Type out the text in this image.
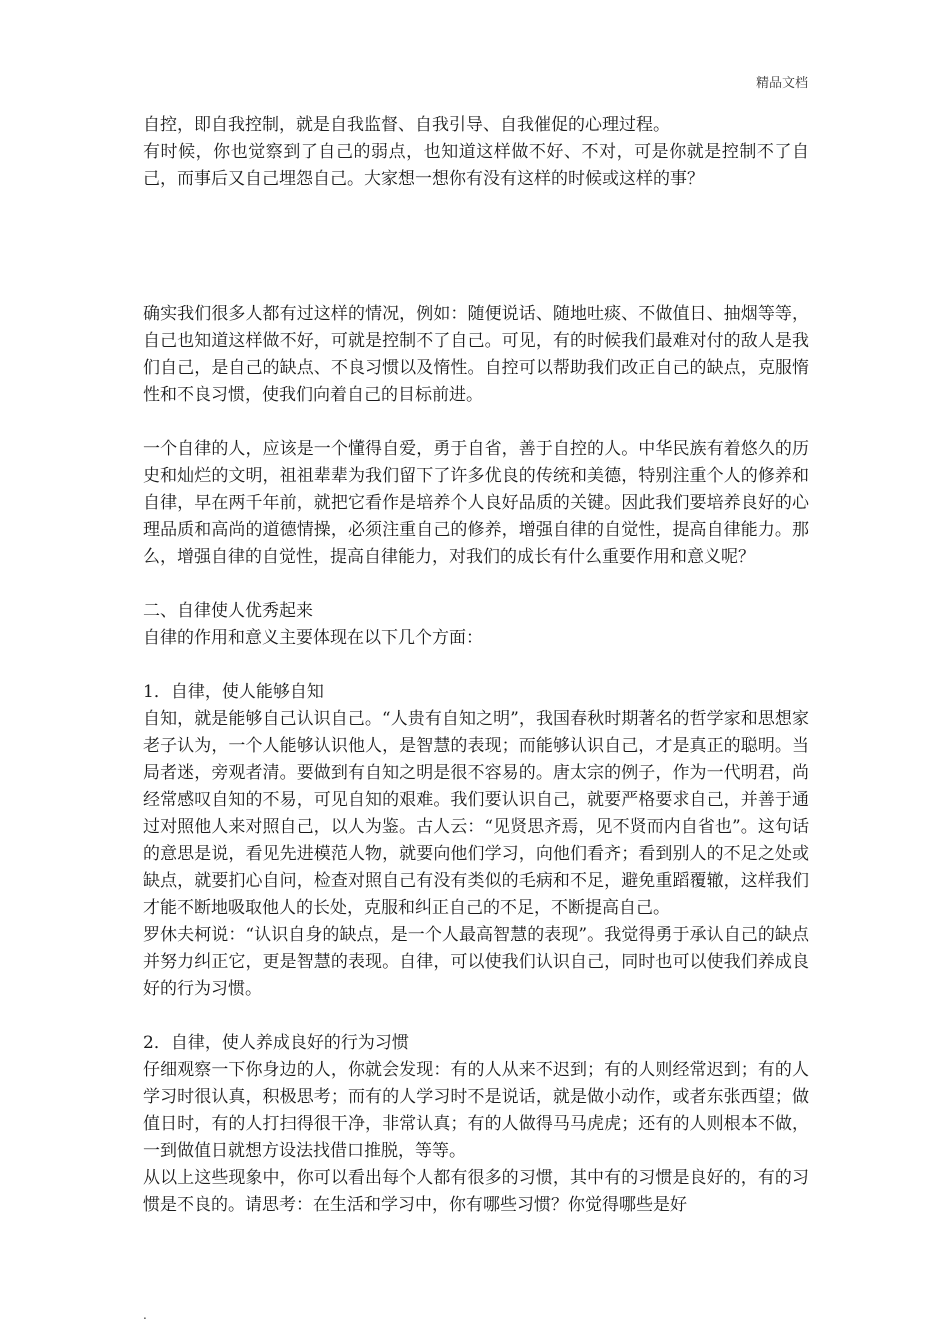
精品文档

自控，即自我控制，就是自我监督、自我引导、自我催促的心理过程。

有时候，你也觉察到了自己的弱点，也知道这样做不好、不对，可是你就是控制不了自己，而事后又自己埋怨自己。大家想一想你有没有这样的时候或这样的事？

确实我们很多人都有过这样的情况，例如：随便说话、随地吐痰、不做值日、抽烟等等，自己也知道这样做不好，可就是控制不了自己。可见，有的时候我们最难对付的敌人是我们自己，是自己的缺点、不良习惯以及惰性。自控可以帮助我们改正自己的缺点，克服惰性和不良习惯，使我们向着自己的目标前进。

一个自律的人，应该是一个懂得自爱，勇于自省，善于自控的人。中华民族有着悠久的历史和灿烂的文明，祖祖辈辈为我们留下了许多优良的传统和美德，特别注重个人的修养和自律，早在两千年前，就把它看作是培养个人良好品质的关键。因此我们要培养良好的心理品质和高尚的道德情操，必须注重自己的修养，增强自律的自觉性，提高自律能力。那么，增强自律的自觉性，提高自律能力，对我们的成长有什么重要作用和意义呢？

二、自律使人优秀起来

自律的作用和意义主要体现在以下几个方面：

1．自律，使人能够自知

自知，就是能够自己认识自己。“人贵有自知之明”，我国春秋时期著名的哲学家和思想家老子认为，一个人能够认识他人，是智慧的表现；而能够认识自己，才是真正的聪明。当局者迷，旁观者清。要做到有自知之明是很不容易的。唐太宗的例子，作为一代明君，尚经常感叹自知的不易，可见自知的艰难。我们要认识自己，就要严格要求自己，并善于通过对照他人来对照自己，以人为鉴。古人云：“见贤思齐焉，见不贤而内自省也”。这句话的意思是说，看见先进模范人物，就要向他们学习，向他们看齐；看到别人的不足之处或缺点，就要扪心自问，检查对照自己有没有类似的毛病和不足，避免重蹈覆辙，这样我们才能不断地吸取他人的长处，克服和纠正自己的不足，不断提高自己。

罗休夫柯说：“认识自身的缺点，是一个人最高智慧的表现”。我觉得勇于承认自己的缺点并努力纠正它，更是智慧的表现。自律，可以使我们认识自己，同时也可以使我们养成良好的行为习惯。

2．自律，使人养成良好的行为习惯

仔细观察一下你身边的人，你就会发现：有的人从来不迟到；有的人则经常迟到；有的人学习时很认真，积极思考；而有的人学习时不是说话，就是做小动作，或者东张西望；做值日时，有的人打扫得很干净，非常认真；有的人做得马马虎虎；还有的人则根本不做，一到做值日就想方设法找借口推脱，等等。

从以上这些现象中，你可以看出每个人都有很多的习惯，其中有的习惯是良好的，有的习惯是不良的。请思考：在生活和学习中，你有哪些习惯？你觉得哪些是好

.
